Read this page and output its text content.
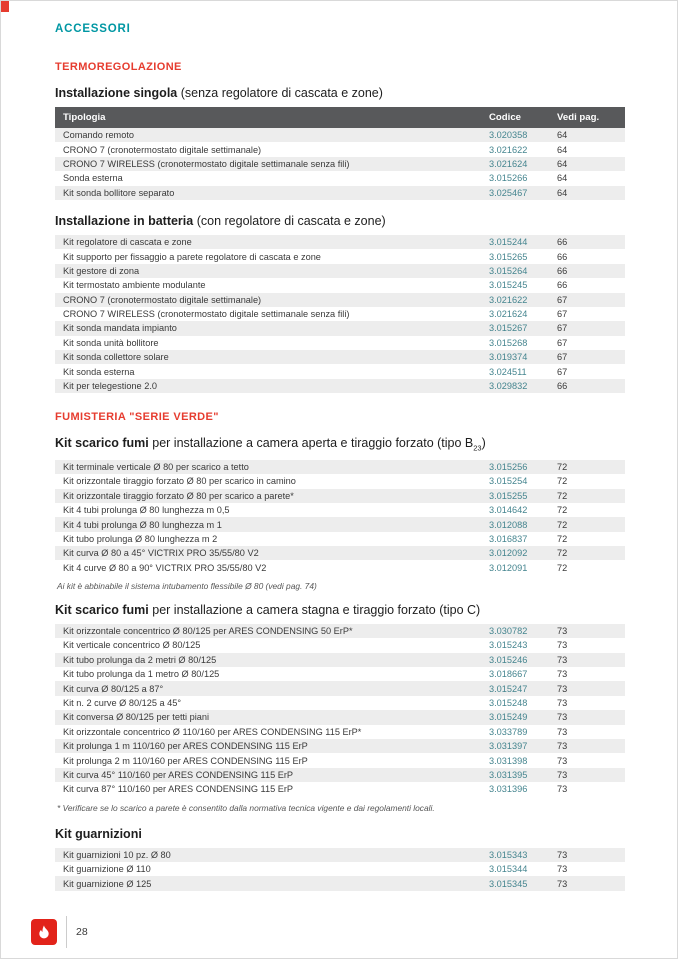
ACCESSORI
TERMOREGOLAZIONE
Installazione singola (senza regolatore di cascata e zone)
Tipologia	Codice	Vedi pag.
Comando remoto	3.020358	64
CRONO 7 (cronotermostato digitale settimanale)	3.021622	64
CRONO 7 WIRELESS (cronotermostato digitale settimanale senza fili)	3.021624	64
Sonda esterna	3.015266	64
Kit sonda bollitore separato	3.025467	64
Installazione in batteria (con regolatore di cascata e zone)
Kit regolatore di cascata e zone	3.015244	66
Kit supporto per fissaggio a parete regolatore di cascata e zone	3.015265	66
Kit gestore di zona	3.015264	66
Kit termostato ambiente modulante	3.015245	66
CRONO 7 (cronotermostato digitale settimanale)	3.021622	67
CRONO 7 WIRELESS (cronotermostato digitale settimanale senza fili)	3.021624	67
Kit sonda mandata impianto	3.015267	67
Kit sonda unità bollitore	3.015268	67
Kit sonda collettore solare	3.019374	67
Kit sonda esterna	3.024511	67
Kit per telegestione 2.0	3.029832	66
FUMISTERIA "SERIE VERDE"
Kit scarico fumi per installazione a camera aperta e tiraggio forzato (tipo $B_{23}$)
Kit terminale verticale Ø 80 per scarico a tetto	3.015256	72
Kit orizzontale tiraggio forzato Ø 80 per scarico in camino	3.015254	72
Kit orizzontale tiraggio forzato Ø 80 per scarico a parete*	3.015255	72
Kit 4 tubi prolunga Ø 80 lunghezza m 0,5	3.014642	72
Kit 4 tubi prolunga Ø 80 lunghezza m 1	3.012088	72
Kit tubo prolunga Ø 80 lunghezza m 2	3.016837	72
Kit curva Ø 80 a 45° VICTRIX PRO 35/55/80 V2	3.012092	72
Kit 4 curve Ø 80 a 90° VICTRIX PRO 35/55/80 V2	3.012091	72
Ai kit è abbinabile il sistema intubamento flessibile Ø 80 (vedi pag. 74)
Kit scarico fumi per installazione a camera stagna e tiraggio forzato (tipo C)
Kit orizzontale concentrico Ø 80/125 per ARES CONDENSING 50 ErP*	3.030782	73
Kit verticale concentrico Ø 80/125	3.015243	73
Kit tubo prolunga da 2 metri Ø 80/125	3.015246	73
Kit tubo prolunga da 1 metro Ø 80/125	3.018667	73
Kit curva Ø 80/125 a 87°	3.015247	73
Kit n. 2 curve Ø 80/125 a 45°	3.015248	73
Kit conversa Ø 80/125 per tetti piani	3.015249	73
Kit orizzontale concentrico Ø 110/160 per ARES CONDENSING 115 ErP*	3.033789	73
Kit prolunga 1 m 110/160 per ARES CONDENSING 115 ErP	3.031397	73
Kit prolunga 2 m 110/160 per ARES CONDENSING 115 ErP	3.031398	73
Kit curva 45° 110/160 per ARES CONDENSING 115 ErP	3.031395	73
Kit curva 87° 110/160 per ARES CONDENSING 115 ErP	3.031396	73
* Verificare se lo scarico a parete è consentito dalla normativa tecnica vigente e dai regolamenti locali.
Kit guarnizioni
Kit guarnizioni 10 pz. Ø 80	3.015343	73
Kit guarnizione Ø 110	3.015344	73
Kit guarnizione Ø 125	3.015345	73
28
